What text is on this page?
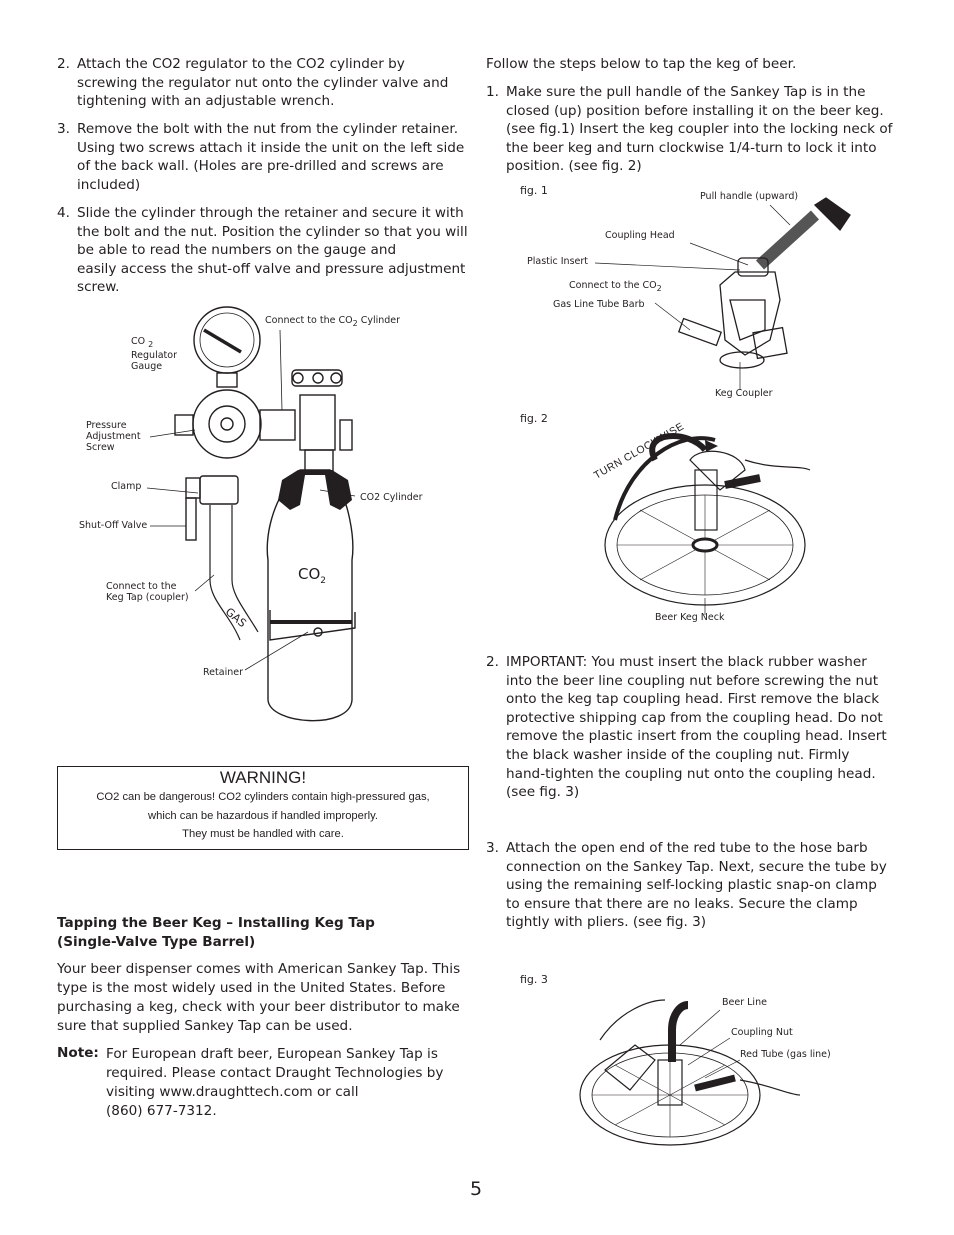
2. Attach the CO2 regulator to the CO2 cylinder by
screwing the regulator nut onto the cylinder valve and
tightening with an adjustable wrench.
3. Remove the bolt with the nut from the cylinder retainer.
Using two screws attach it inside the unit on the left side
of the back wall. (Holes are pre-drilled and screws are
included)
4. Slide the cylinder through the retainer and secure it with
the bolt and the nut. Position the cylinder so that you will
be able to read the numbers on the gauge and
easily access the shut-off valve and pressure adjustment
screw.
Connect to the $CO_2$ Cylinder
CO $_2$
Regulator
Gauge
Pressure
Adjustment
Screw
Clamp
Shut-Off Valve
CO2 Cylinder
Connect to the
Keg Tap (coupler)
Retainer
GAS
$CO_2$
WARNING!
CO2 can be dangerous! CO2 cylinders contain high-pressured gas,
which can be hazardous if handled improperly.
They must be handled with care.
Tapping the Beer Keg – Installing Keg Tap
(Single-Valve Type Barrel)
Your beer dispenser comes with American Sankey Tap. This
type is the most widely used in the United States. Before
purchasing a keg, check with your beer distributor to make
sure that supplied Sankey Tap can be used.
Note: For European draft beer, European Sankey Tap is
required. Please contact Draught Technologies by
visiting www.draughttech.com or call
(860) 677-7312.
Follow the steps below to tap the keg of beer.
1. Make sure the pull handle of the Sankey Tap is in the
closed (up) position before installing it on the beer keg.
(see fig.1) Insert the keg coupler into the locking neck of
the beer keg and turn clockwise 1/4-turn to lock it into
position. (see fig. 2)
fig. 1	Pull handle (upward)
Coupling Head
Plastic Insert
Connect to the $CO_2$
Gas Line Tube Barb
Keg Coupler
fig. 2
TURN CLOCKWISE
Beer Keg Neck
2. IMPORTANT: You must insert the black rubber washer
into the beer line coupling nut before screwing the nut
onto the keg tap coupling head. First remove the black
protective shipping cap from the coupling head. Do not
remove the plastic insert from the coupling head. Insert
the black washer inside of the coupling nut. Firmly
hand-tighten the coupling nut onto the coupling head.
(see fig. 3)
3. Attach the open end of the red tube to the hose barb
connection on the Sankey Tap. Next, secure the tube by
using the remaining self-locking plastic snap-on clamp
to ensure that there are no leaks. Secure the clamp
tightly with pliers. (see fig. 3)
fig. 3
Beer Line
Coupling Nut
Red Tube (gas line)
5
